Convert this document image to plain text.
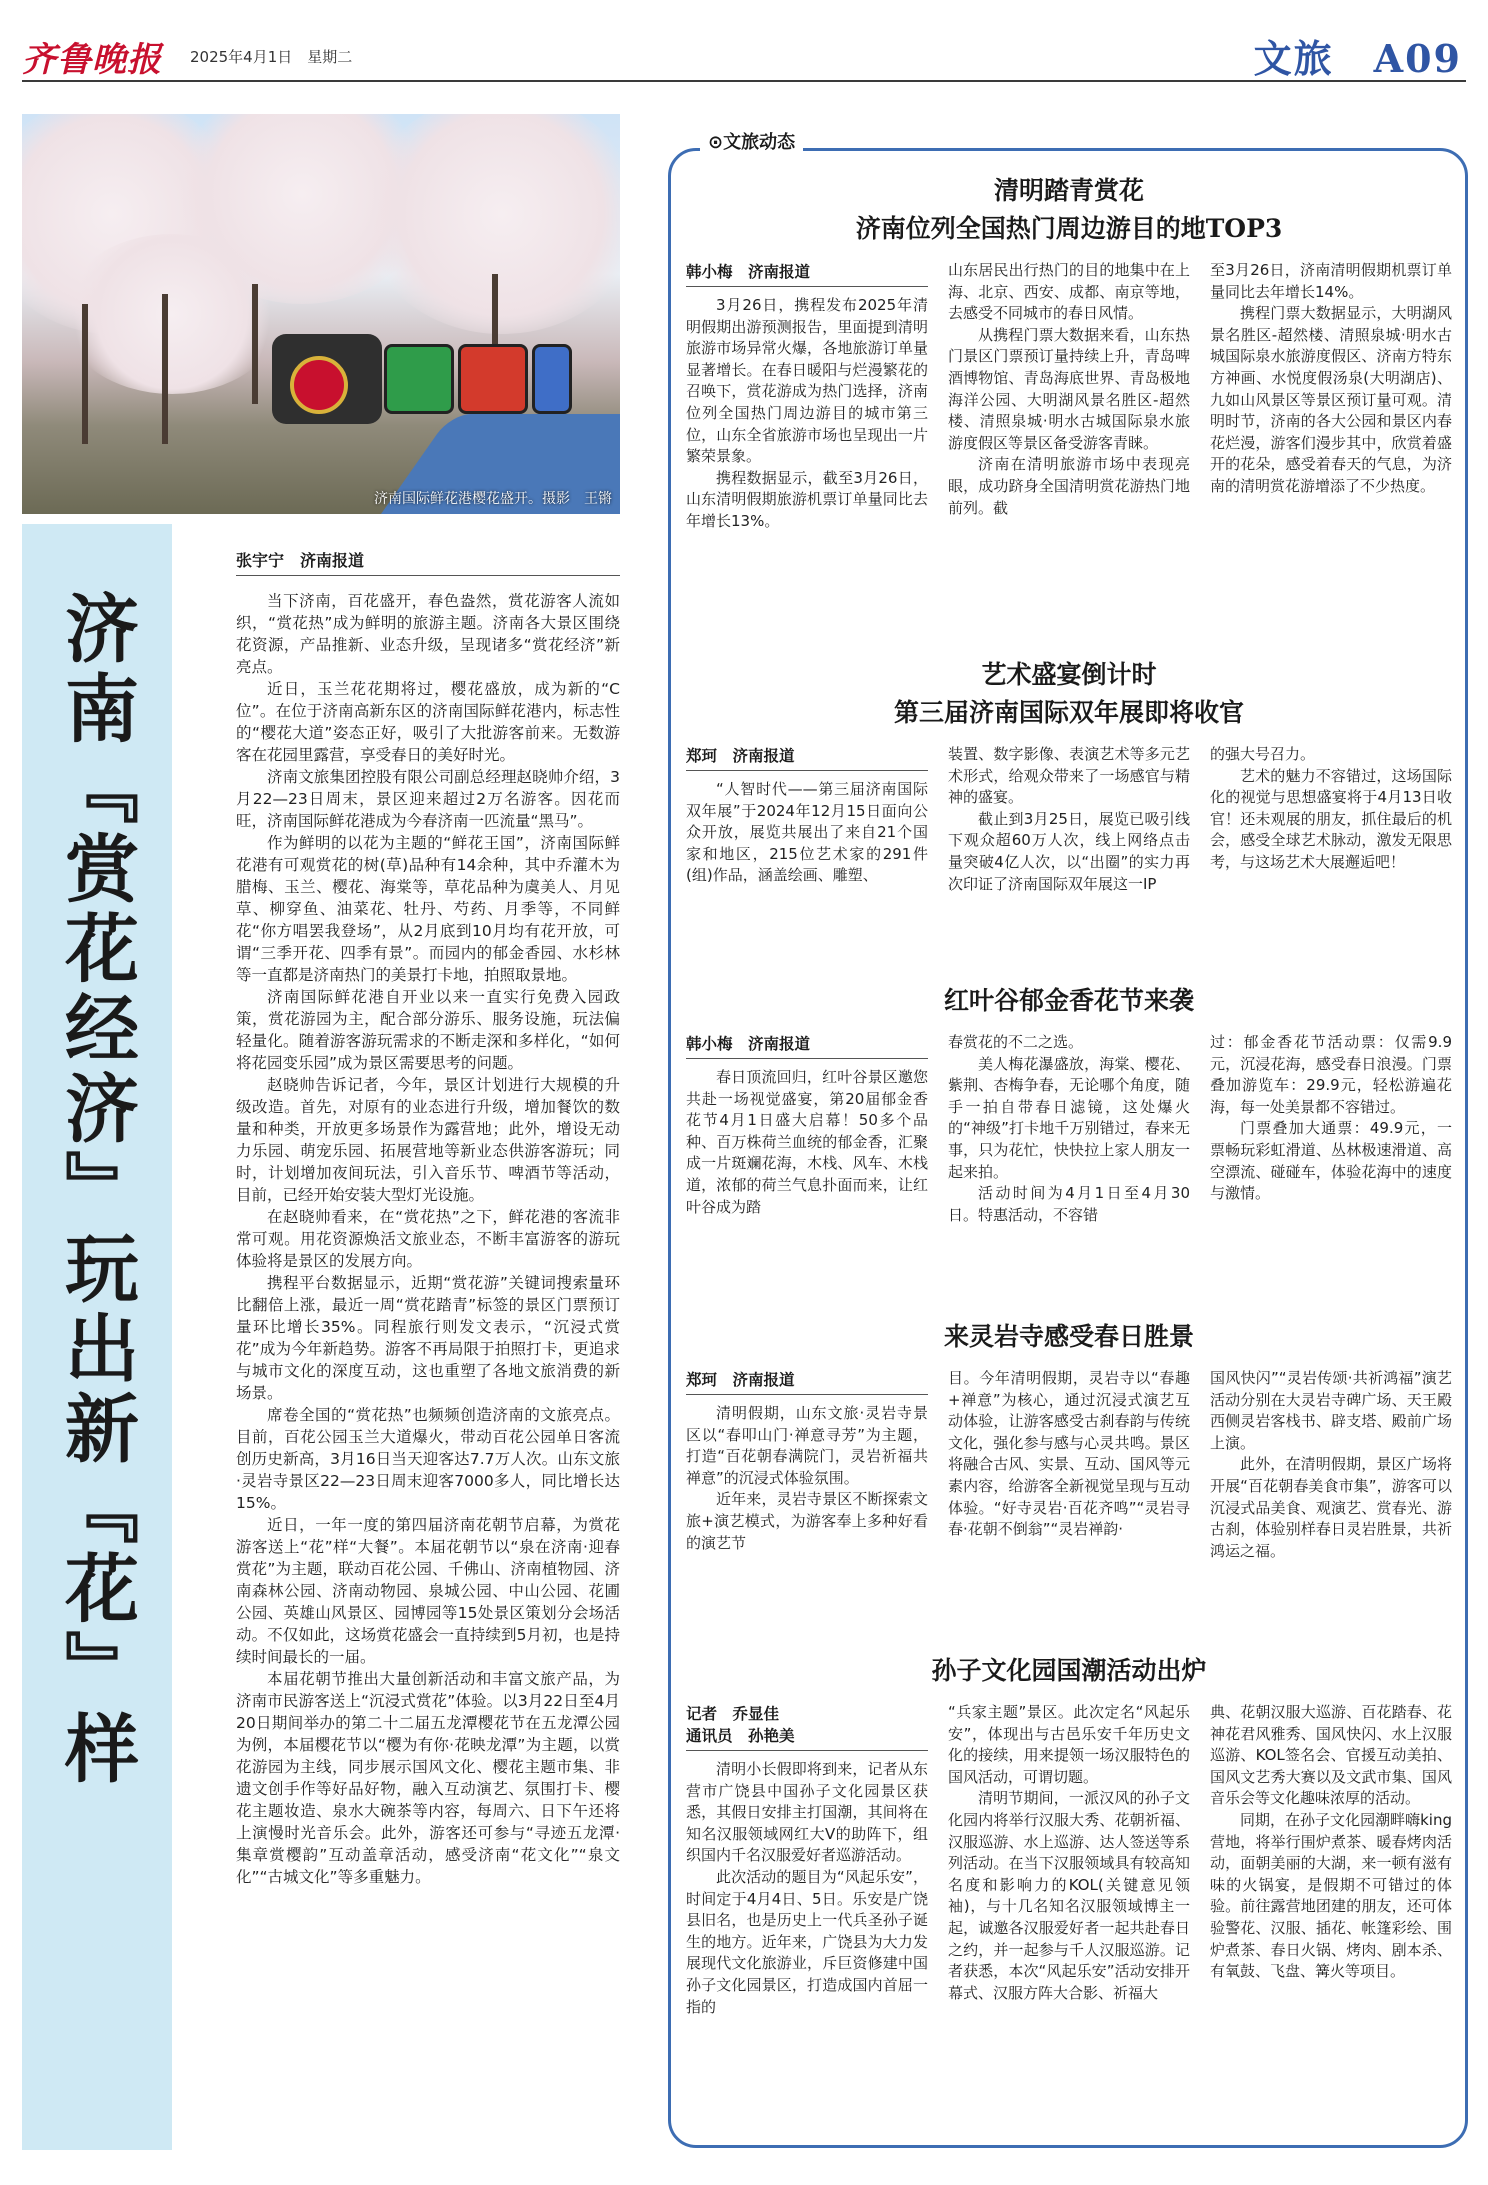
齐鲁晚报 2025年4月1日　星期二	文旅　A09
济南国际鲜花港樱花盛开。摄影　王锵
济南『赏花经济』玩出新『花』样
张宇宁　济南报道

当下济南，百花盛开，春色盎然，赏花游客人流如织，“赏花热”成为鲜明的旅游主题。济南各大景区围绕花资源，产品推新、业态升级，呈现诸多“赏花经济”新亮点。

近日，玉兰花花期将过，樱花盛放，成为新的“C位”。在位于济南高新东区的济南国际鲜花港内，标志性的“樱花大道”姿态正好，吸引了大批游客前来。无数游客在花园里露营，享受春日的美好时光。

济南文旅集团控股有限公司副总经理赵晓帅介绍，3月22—23日周末，景区迎来超过2万名游客。因花而旺，济南国际鲜花港成为今春济南一匹流量“黑马”。

作为鲜明的以花为主题的“鲜花王国”，济南国际鲜花港有可观赏花的树(草)品种有14余种，其中乔灌木为腊梅、玉兰、樱花、海棠等，草花品种为虞美人、月见草、柳穿鱼、油菜花、牡丹、芍药、月季等，不同鲜花“你方唱罢我登场”，从2月底到10月均有花开放，可谓“三季开花、四季有景”。而园内的郁金香园、水杉林等一直都是济南热门的美景打卡地，拍照取景地。

济南国际鲜花港自开业以来一直实行免费入园政策，赏花游园为主，配合部分游乐、服务设施，玩法偏轻量化。随着游客游玩需求的不断走深和多样化，“如何将花园变乐园”成为景区需要思考的问题。

赵晓帅告诉记者，今年，景区计划进行大规模的升级改造。首先，对原有的业态进行升级，增加餐饮的数量和种类，开放更多场景作为露营地；此外，增设无动力乐园、萌宠乐园、拓展营地等新业态供游客游玩；同时，计划增加夜间玩法，引入音乐节、啤酒节等活动，目前，已经开始安装大型灯光设施。

在赵晓帅看来，在“赏花热”之下，鲜花港的客流非常可观。用花资源焕活文旅业态，不断丰富游客的游玩体验将是景区的发展方向。

携程平台数据显示，近期“赏花游”关键词搜索量环比翻倍上涨，最近一周“赏花踏青”标签的景区门票预订量环比增长35%。同程旅行则发文表示，“沉浸式赏花”成为今年新趋势。游客不再局限于拍照打卡，更追求与城市文化的深度互动，这也重塑了各地文旅消费的新场景。

席卷全国的“赏花热”也频频创造济南的文旅亮点。目前，百花公园玉兰大道爆火，带动百花公园单日客流创历史新高，3月16日当天迎客达7.7万人次。山东文旅·灵岩寺景区22—23日周末迎客7000多人，同比增长达15%。

近日，一年一度的第四届济南花朝节启幕，为赏花游客送上“花”样“大餐”。本届花朝节以“泉在济南·迎春赏花”为主题，联动百花公园、千佛山、济南植物园、济南森林公园、济南动物园、泉城公园、中山公园、花圃公园、英雄山风景区、园博园等15处景区策划分会场活动。不仅如此，这场赏花盛会一直持续到5月初，也是持续时间最长的一届。

本届花朝节推出大量创新活动和丰富文旅产品，为济南市民游客送上“沉浸式赏花”体验。以3月22日至4月20日期间举办的第二十二届五龙潭樱花节在五龙潭公园为例，本届樱花节以“樱为有你·花映龙潭”为主题，以赏花游园为主线，同步展示国风文化、樱花主题市集、非遗文创手作等好品好物，融入互动演艺、氛围打卡、樱花主题妆造、泉水大碗茶等内容，每周六、日下午还将上演慢时光音乐会。此外，游客还可参与“寻迹五龙潭·集章赏樱韵”互动盖章活动，感受济南“花文化”“泉文化”“古城文化”等多重魅力。

⊙文旅动态
清明踏青赏花
济南位列全国热门周边游目的地TOP3
韩小梅　济南报道

3月26日，携程发布2025年清明假期出游预测报告，里面提到清明旅游市场异常火爆，各地旅游订单量显著增长。在春日暖阳与烂漫繁花的召唤下，赏花游成为热门选择，济南位列全国热门周边游目的城市第三位，山东全省旅游市场也呈现出一片繁荣景象。

携程数据显示，截至3月26日，山东清明假期旅游机票订单量同比去年增长13%。

山东居民出行热门的目的地集中在上海、北京、西安、成都、南京等地，去感受不同城市的春日风情。

从携程门票大数据来看，山东热门景区门票预订量持续上升，青岛啤酒博物馆、青岛海底世界、青岛极地海洋公园、大明湖风景名胜区-超然楼、清照泉城·明水古城国际泉水旅游度假区等景区备受游客青睐。

济南在清明旅游市场中表现亮眼，成功跻身全国清明赏花游热门地前列。截

至3月26日，济南清明假期机票订单量同比去年增长14%。

携程门票大数据显示，大明湖风景名胜区-超然楼、清照泉城·明水古城国际泉水旅游度假区、济南方特东方神画、水悦度假汤泉(大明湖店)、九如山风景区等景区预订量可观。清明时节，济南的各大公园和景区内春花烂漫，游客们漫步其中，欣赏着盛开的花朵，感受着春天的气息，为济南的清明赏花游增添了不少热度。

艺术盛宴倒计时
第三届济南国际双年展即将收官
郑珂　济南报道

“人智时代——第三届济南国际双年展”于2024年12月15日面向公众开放，展览共展出了来自21个国家和地区，215位艺术家的291件(组)作品，涵盖绘画、雕塑、

装置、数字影像、表演艺术等多元艺术形式，给观众带来了一场感官与精神的盛宴。

截止到3月25日，展览已吸引线下观众超60万人次，线上网络点击量突破4亿人次，以“出圈”的实力再次印证了济南国际双年展这一IP

的强大号召力。

艺术的魅力不容错过，这场国际化的视觉与思想盛宴将于4月13日收官！还未观展的朋友，抓住最后的机会，感受全球艺术脉动，激发无限思考，与这场艺术大展邂逅吧！

红叶谷郁金香花节来袭
韩小梅　济南报道

春日顶流回归，红叶谷景区邀您共赴一场视觉盛宴，第20届郁金香花节4月1日盛大启幕！50多个品种、百万株荷兰血统的郁金香，汇聚成一片斑斓花海，木栈、风车、木栈道，浓郁的荷兰气息扑面而来，让红叶谷成为踏

春赏花的不二之选。

美人梅花瀑盛放，海棠、樱花、紫荆、杏梅争春，无论哪个角度，随手一拍自带春日滤镜，这处爆火的“神级”打卡地千万别错过，春来无事，只为花忙，快快拉上家人朋友一起来拍。

活动时间为4月1日至4月30日。特惠活动，不容错

过：郁金香花节活动票：仅需9.9元，沉浸花海，感受春日浪漫。门票叠加游览车：29.9元，轻松游遍花海，每一处美景都不容错过。

门票叠加大通票：49.9元，一票畅玩彩虹滑道、丛林极速滑道、高空漂流、碰碰车，体验花海中的速度与激情。

来灵岩寺感受春日胜景
郑珂　济南报道

清明假期，山东文旅·灵岩寺景区以“春叩山门·禅意寻芳”为主题，打造“百花朝春满院门，灵岩祈福共禅意”的沉浸式体验氛围。

近年来，灵岩寺景区不断探索文旅+演艺模式，为游客奉上多种好看的演艺节

目。今年清明假期，灵岩寺以“春趣+禅意”为核心，通过沉浸式演艺互动体验，让游客感受古刹春韵与传统文化，强化参与感与心灵共鸣。景区将融合古风、实景、互动、国风等元素内容，给游客全新视觉呈现与互动体验。“好寺灵岩·百花齐鸣”“灵岩寻春·花朝不倒翁”“灵岩禅韵·

国风快闪”“灵岩传颂·共祈鸿福”演艺活动分别在大灵岩寺碑广场、天王殿西侧灵岩客栈书、辟支塔、殿前广场上演。

此外，在清明假期，景区广场将开展“百花朝春美食市集”，游客可以沉浸式品美食、观演艺、赏春光、游古刹，体验别样春日灵岩胜景，共祈鸿运之福。

孙子文化园国潮活动出炉
记者　乔显佳
通讯员　孙艳美

清明小长假即将到来，记者从东营市广饶县中国孙子文化园景区获悉，其假日安排主打国潮，其间将在知名汉服领域网红大V的助阵下，组织国内千名汉服爱好者巡游活动。

此次活动的题目为“风起乐安”，时间定于4月4日、5日。乐安是广饶县旧名，也是历史上一代兵圣孙子诞生的地方。近年来，广饶县为大力发展现代文化旅游业，斥巨资修建中国孙子文化园景区，打造成国内首屈一指的

“兵家主题”景区。此次定名“风起乐安”，体现出与古邑乐安千年历史文化的接续，用来提领一场汉服特色的国风活动，可谓切题。

清明节期间，一派汉风的孙子文化园内将举行汉服大秀、花朝祈福、汉服巡游、水上巡游、达人签送等系列活动。在当下汉服领域具有较高知名度和影响力的KOL(关键意见领袖)，与十几名知名汉服领域博主一起，诚邀各汉服爱好者一起共赴春日之约，并一起参与千人汉服巡游。记者获悉，本次“风起乐安”活动安排开幕式、汉服方阵大合影、祈福大

典、花朝汉服大巡游、百花踏春、花神花君风雅秀、国风快闪、水上汉服巡游、KOL签名会、官援互动美拍、国风文艺秀大赛以及文武市集、国风音乐会等文化趣味浓厚的活动。

同期，在孙子文化园潮畔嗨king营地，将举行围炉煮茶、暖春烤肉活动，面朝美丽的大湖，来一顿有滋有味的火锅宴，是假期不可错过的体验。前往露营地团建的朋友，还可体验警花、汉服、插花、帐篷彩绘、围炉煮茶、春日火锅、烤肉、剧本杀、有氧鼓、飞盘、篝火等项目。
